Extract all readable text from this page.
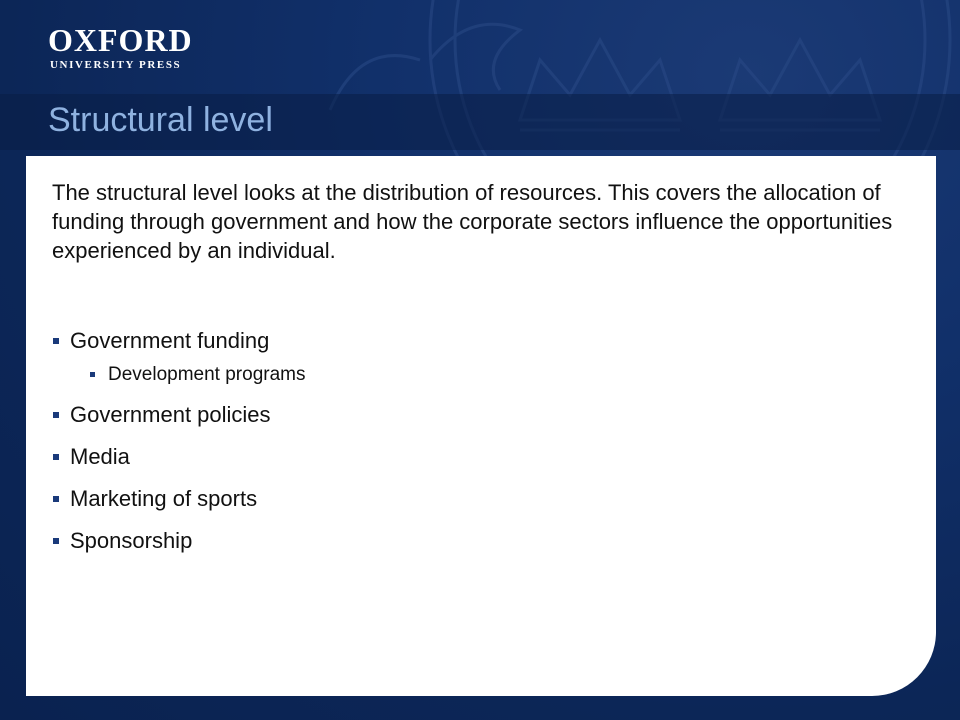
OXFORD
UNIVERSITY PRESS
Structural level

The structural level looks at the distribution of resources. This covers the allocation of funding through government and how the corporate sectors influence the opportunities experienced by an individual.

Government funding
Development programs
Government policies
Media
Marketing of sports
Sponsorship
